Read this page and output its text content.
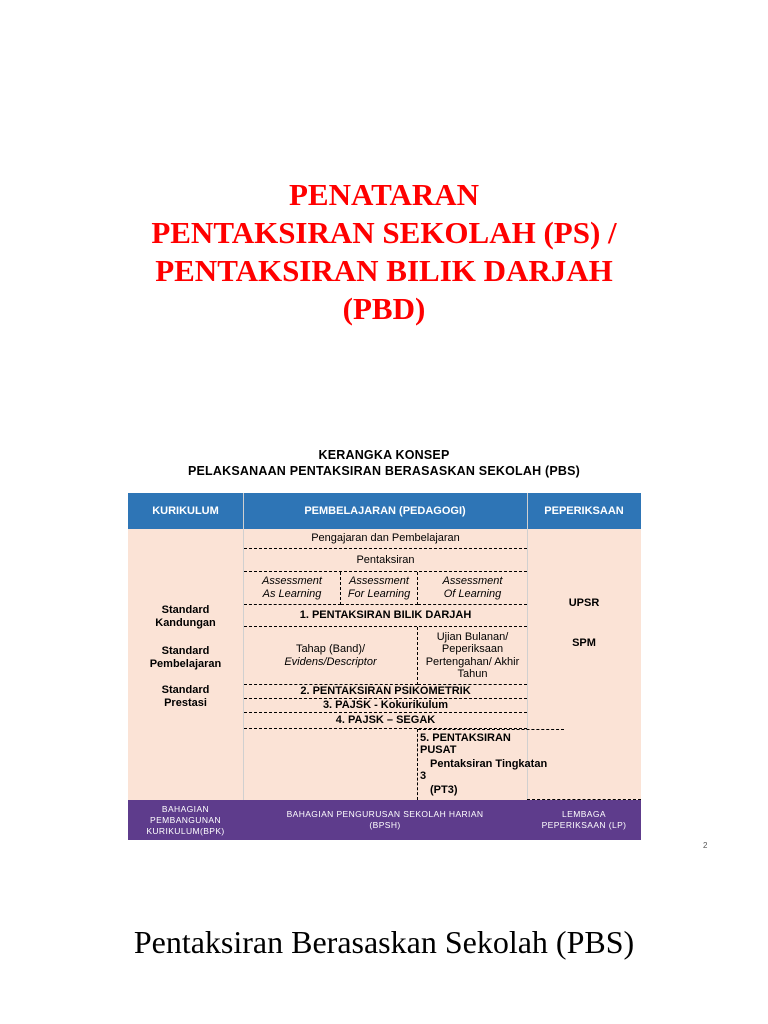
PENATARAN
PENTAKSIRAN SEKOLAH (PS) /
PENTAKSIRAN BILIK DARJAH
(PBD)
KERANGKA KONSEP
PELAKSANAAN PENTAKSIRAN BERASASKAN SEKOLAH (PBS)
KURIKULUM	PEMBELAJARAN (PEDAGOGI)	PEPERIKSAAN
Standard
Kandungan
Standard
Pembelajaran
Standard
Prestasi
UPSR
SPM
Pengajaran dan Pembelajaran
Pentaksiran
Assessment
As Learning
Assessment
For Learning
Assessment
Of Learning
1. PENTAKSIRAN BILIK DARJAH
Tahap (Band)/
Evidens/Descriptor
Ujian Bulanan/
Peperiksaan
Pertengahan/ Akhir
Tahun
2. PENTAKSIRAN PSIKOMETRIK
3. PAJSK - Kokurikulum
4. PAJSK – SEGAK
5. PENTAKSIRAN
PUSAT
Pentaksiran Tingkatan
3
(PT3)
BAHAGIAN
PEMBANGUNAN
KURIKULUM(BPK)
BAHAGIAN PENGURUSAN SEKOLAH HARIAN
(BPSH)
LEMBAGA
PEPERIKSAAN (LP)
2
Pentaksiran Berasaskan Sekolah (PBS)
